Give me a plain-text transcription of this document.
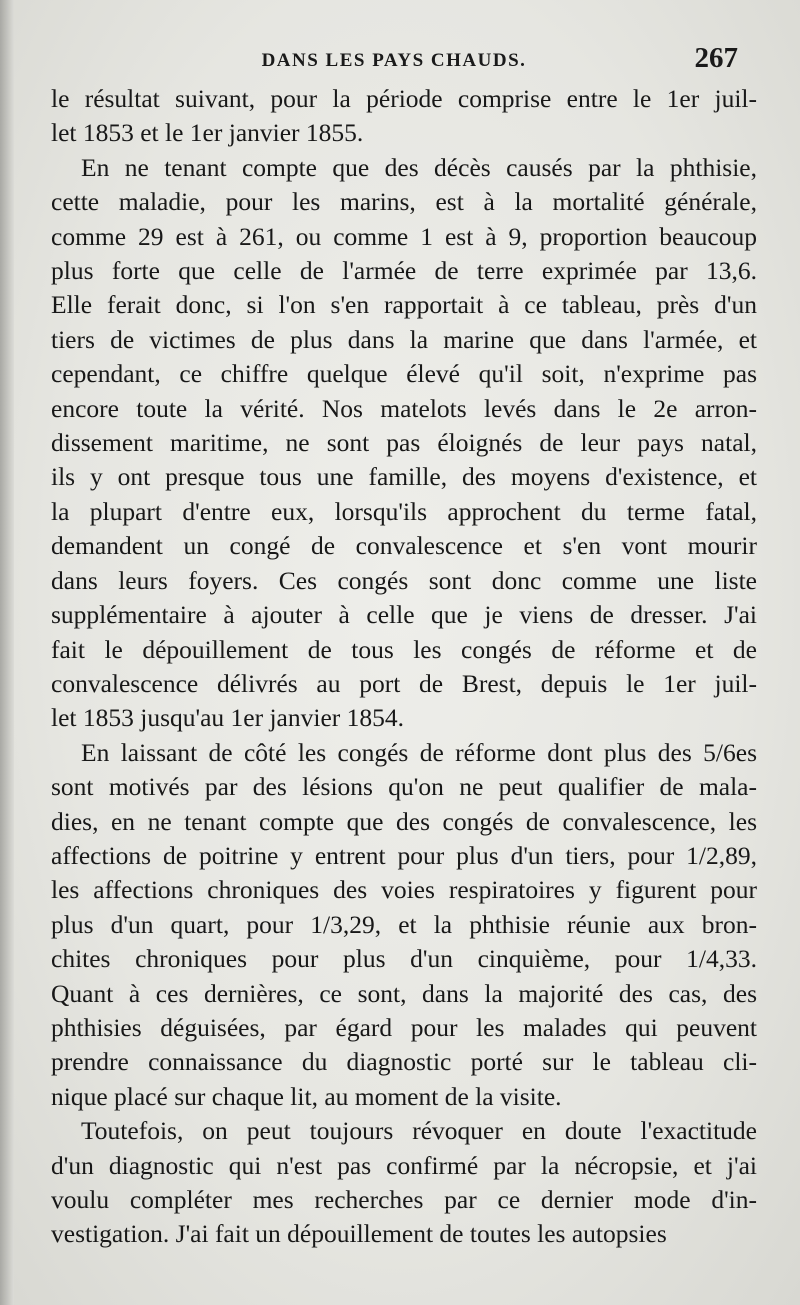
DANS LES PAYS CHAUDS.	267
le résultat suivant, pour la période comprise entre le 1er juil-
let 1853 et le 1er janvier 1855.
En ne tenant compte que des décès causés par la phthisie,
cette maladie, pour les marins, est à la mortalité générale,
comme 29 est à 261, ou comme 1 est à 9, proportion beaucoup
plus forte que celle de l'armée de terre exprimée par 13,6.
Elle ferait donc, si l'on s'en rapportait à ce tableau, près d'un
tiers de victimes de plus dans la marine que dans l'armée, et
cependant, ce chiffre quelque élevé qu'il soit, n'exprime pas
encore toute la vérité. Nos matelots levés dans le 2e arron-
dissement maritime, ne sont pas éloignés de leur pays natal,
ils y ont presque tous une famille, des moyens d'existence, et
la plupart d'entre eux, lorsqu'ils approchent du terme fatal,
demandent un congé de convalescence et s'en vont mourir
dans leurs foyers. Ces congés sont donc comme une liste
supplémentaire à ajouter à celle que je viens de dresser. J'ai
fait le dépouillement de tous les congés de réforme et de
convalescence délivrés au port de Brest, depuis le 1er juil-
let 1853 jusqu'au 1er janvier 1854.
En laissant de côté les congés de réforme dont plus des 5/6es
sont motivés par des lésions qu'on ne peut qualifier de mala-
dies, en ne tenant compte que des congés de convalescence, les
affections de poitrine y entrent pour plus d'un tiers, pour 1/2,89,
les affections chroniques des voies respiratoires y figurent pour
plus d'un quart, pour 1/3,29, et la phthisie réunie aux bron-
chites chroniques pour plus d'un cinquième, pour 1/4,33.
Quant à ces dernières, ce sont, dans la majorité des cas, des
phthisies déguisées, par égard pour les malades qui peuvent
prendre connaissance du diagnostic porté sur le tableau cli-
nique placé sur chaque lit, au moment de la visite.
Toutefois, on peut toujours révoquer en doute l'exactitude
d'un diagnostic qui n'est pas confirmé par la nécropsie, et j'ai
voulu compléter mes recherches par ce dernier mode d'in-
vestigation. J'ai fait un dépouillement de toutes les autopsies
